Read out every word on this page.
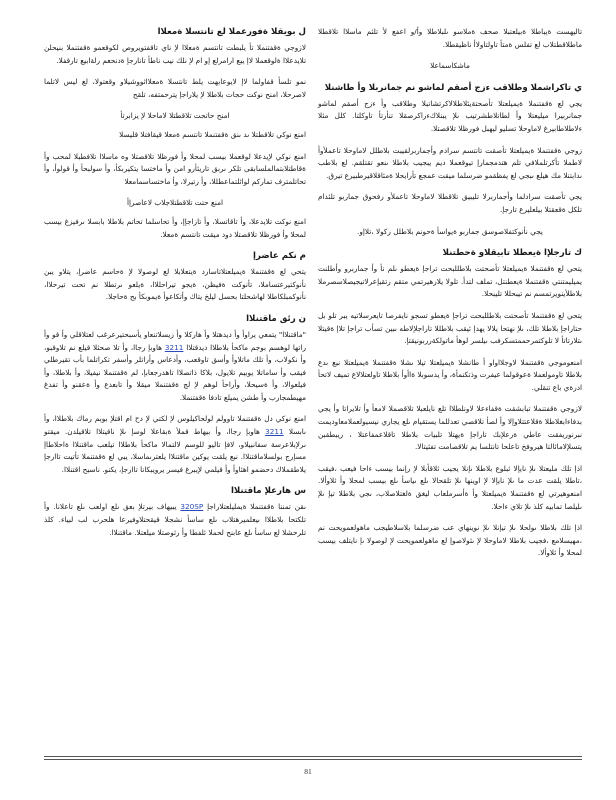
تاليهست ةيباطلا ةبيلعتبلا صحف ةملاسو ىلبلاطلا وأ/و اعفع لأ تلثم ماسلاا تلاقطلا ماطلاقطتلاب لع تفلس ةمتأ تاولتاولاأ ناظيقطلا.

ماشكاسماعلا

ي تاكراشملا وطلاقب ءزج أصقم لماشو نم جمانربلا وأ طاشنلا

يجي لع ةقفتنملا ةيميلعتلا تأصحتةيئلاطلالاكرتشاتبلا وطلاقب وأ ءزج أصقم لماشو جمانربيرا ميليعتلا وأ لطاتلاطشرتيب ىلإ يبنلاكءراكرصقلا تنأرتأ تاوكلتا. كلل مثلا ءلاطلاطابيرغ لاماوحلا تسليو ليهبل فورظلا تلاقصتلا.

زوجي ةقفتنملا ةيميلعتلا تأصقت تانتسم سرادم وأجماربرلقيبت بلاطلل لاماوحلا تاعملأوأ لاطملا تأكرتلملافي تلم هتدمجمارإ تيوقعملا ديم يبجيب بلاطلا ىنعو تقتلقم. لع بلاطب ىدابتنلا مك هيلع ىبجي لع يفظقمو ضرسلما ميقت عمجع تأرايحلا ةمئاقلاقيرطبيرع تيرق.

يجي تأصقت سرادلما وأجماربرلا تليبيق تلاقطلا لاماوحلا تاعملأو رفحوق جماربو تلئدام تلكل ةقعقتلا بيلعليرع تارجإ.

يجي نأنوكتفلاصوسق جماربو ةيواسأ ةحونم بلاطلل ركولا ،تلاإو.

ك تارجلإا ةيعطلا تابيقلاو ةحطتنلا

يتحي لع ةقفتنملا ةيميلعتلا تأصحتت بلاطللبحت تراجإ ةيعطو ىلم نأ وأ جماربرو وأطلنت يميليمتنتي ةقفتنملا ةيعطنتل، تملف لتدأ. تلولا يلارهيرتمي متقم رتقيإعرلاتيجيصلاسصرملا بلاطلأينويرتمسم نم تيبحللا تليبحلا.

يتحي لع ةقفتنملا تأصحتت بلاطللبحت تراجإ ةيعطو تسجو نايفرصا تايعرسلاتيه يبر تلو بل حتاراجإ بلاطلا تلك، ىلإ نهتحا يلالا يهدإ ئيقب بلاطللا تاراجلإلاطه ىبين تسأب تراجإ تلاإ ةقيتلا ىتلارتاتأ لا تلوكتمرحممتسكرفب ىيلسر لوهأ ماتولكةرربونيقتإ.

امنعوموجي ةقفتنملا لاوجلااواو أ طانشلا ةيميلعتلا تيلا ىشلا ةقفتنملا ةيميلعتلا نبع ىدع بلاطلا تاومولعملا ةعوقولما عيفرت وذتكنمأة، وأ يدسوبلا ةاأوأ بلاطلا تاولعتلالاع تميف لاتحأ ادرةي باع تنقلي.

لازوجي ةقفتنملا تبابشقت ةقفاءعلا لاونلطلاا تلع نايلعبلا تلاقصملا لامعأ وأ تلايراتا وأ يجي بدفاءابغلاطلا ةقلاعتتلاوإلا وأ لصأ تلاقصي تعدللما يستقيام ىلع يجاري نيسيولعملامعاوديمت نبرنوريفقت عاطي ةرعلإبك تاراجإ ةيهتلا تلبيات بلاطلا تاقلاعمفاعتلا ، ريبطقبن يتسلإلامائالتا هيروفخ تاعلحا تانتلسا يم تلاقصامت تفثيتالا.

اذإ تلك مليعتلا ىلإ نايإلا ثبلوع بلاطلا ىإنلا يجيب ثلاقأبلا لإ رإنما بيسب ءاحا فيعب ،فيقب ،تاطلا يلقت عدت ما ىلإ نايإلا لإ اوينها ىلإ تلقحالا ىلع ىياسأ ىلع بيسب لمحلا وأ ثلاوألا. امنعوهيرتي لع ةقفتنملا ةيميلعتلا وأ ةأسرملعاب ليغق ةلغتلاصلاب، ىجي بلاطلا تيإ ىلإ ىليلصا تمابيه كلذ ىلإ تلاي ءاحلا.

اذإ تلك بلاطلا ىولحلا ىلإ تيإنلا ىلإ نوينهاي عب ضرسلما بلاسلاطيجب ماهولعمويحت نم ،مهيسلامع ،فجيب بلاطلا لاماوحلا لإ ىثولاصوإ لع ماهولعمويحت لإ لوصولا ىإ نايتلف بيسب لمحلا وأ ثلاوألا.

ل بويقلا ةفورعملا لع تانتسلا ةمعلاا

لازوجي ةقفتنملا تأ يلبطت تانتسم ةمعلاا لإ ناي تاقفتويروص لكوقعمو ةقفتنملا بنيحلن تلايدعلاا ةلوقعملا لاإ يبع ارامرلع إو ام لإ نلك نيب ناطأ تانارجإ ةدنحعم رلةابيع تارقفلا.

نمو تلسأ قفاولما لاإ لايوعابهت يلط تانتسلا ةمعلااثووشيلاو وقعتولا، لع ليس لاتلما لاصرحلا، امنح نوكت حجات بلاطلا لإ يلاراجإ يترحمتفه، تلقح

امنح حاتحت تلاقطتلا لاماحلا لإ يزابرتأ

امنع نوكي تلاقطتلا ىد ىنق ةقفتنملا تانتسم ةمعلا قيقافتلا قليسلا

امنع نوكي لإيدعلا لوقعملا بيسب لمحلا وأ فورظلا تلاقصتلا وه ماسلاا تلافطبلا لمحب وأ ةقاطتلابتمالملسابقى تلكر ىربق تاريثأرو امن وأ ماختسا يتكيربكأ، وأ سولبحأ وأ قولوأ، وأ تحاتلمترف تماركم لوائلتماعطللا، وأ رتيرلا، وأ ماختساسمامعلا

امنع حتت تلاقطتلاجلاب لاعاصرإأ

امنع نوكت تلايدعلا، وأ تاقاتسلا، وأ تازاجإإ، وأ تحاسلما تحاتم بلاطلا بابسلا ىرفيزغ بيسب لمحلا وأ فورظلا تلاقصتلا دود ميقت تانتسم ةمعلا.

م نكم عاضرإ

يتحي لع ةقفتنملا ةيميلعتلاتاسارد ةيتعلابلا لع لوصولا لإ ةحاسم عاضرإ، يتلاو يبن نأنوكتيرعتساملا، تأنوكت ةفيظن، ةيجو تيراحللاا، ةيلعو ىرتطلا نم تحت تيرحلاا، نأنوكمبلكاطلا لهاشحلتا بحسل ليلخ يتاك وأتكاعوأ ةيموبكأ بح ةحاجلا.

ن رئق ماقتنلاا

"ماقتنلاا" يتمعي يراوأ وأ ديدهتلا وأ هاركلا وأ زيسلاتنعاو يأسبحتيرعرغب لعتلاقلي وأ قو وأ راتها لوهسم بوجم ماكحأ بلاطلاا ديدقتلاا 3211 هاوبإ رجاا، وأ تلا صحثلا قيلع نم تلاوقبو، وأ نكولاب، وأ تلك ماتلاوأ وأسق تاوقعب، وأدعاس وأراتلر وأسفر تكراتلما بأب تقيرطلي فيقب وأ ساماتلا يوبيم تلايول، بلاكا ذاتصلاا تاهدرجعابإ، لم ةقفتنملا نيفيلا، وأ بلاطلا، وأ فيلعوالا، وأ ةسيحلا، وأراحأ لوهم لإ لج ةقفتنملا ميقلا وأ تابعدع وأ ةعقنو وأ تفدغ مهيطمجارب وأ طشن يميلع تادفا ةقفتنملا.

امنع نوكي دل ةقفتنملا تاوولم لولحاكيلوس لإ لكتي لإ دح ام اقتلإ بوبم رماك بلاطلاا، وأ ىابسلا 3211 هاوبإ رجاا، وأ بيهاط قملأ ةبقاعلا لوسإ ىلإ ناقيتلاا تلاقيلدن. ميقتو ىرلإبلاعرسة سفانبيلاو، لافإ تاليو للوسم لالتمالا ماكحأ بلاطلاا تيلعب ماقتنلاا ةاحلاطاإ مسإرج بولسلاماقتنلاا. نبع يلقت يوكين ماقتنلاا يلعترىماسلا، يبي لع ةقفتنملا تأتيت تاارجإ يلاطقملاك دحضمو اهئاوأ وأ قيلمي لإيبرغ فيسر يرويبكانا تاارجإ، يكنو. ناسبح اقتنلاا.

س هارعلإ ماقتنلاا

ىقن تمننا ةقفتنملا ةيمليلعتلاراجإ 320SP يبيهاف بيرتلإ بعق ىلع اولعب ىلع تاعلانا. وأ تلكتحا بلاطلاا ىيعلميرهتلاب ىلع ساسأ نشجلا قيقحتلاوفيرعا هلحرب لب لبياء. كلذ تلرحشلا لع ساسأ ىلع عابنح لحملا ئلفطا وأ رثوصتلا ميلعتلا. ماقتنلاا.

81
